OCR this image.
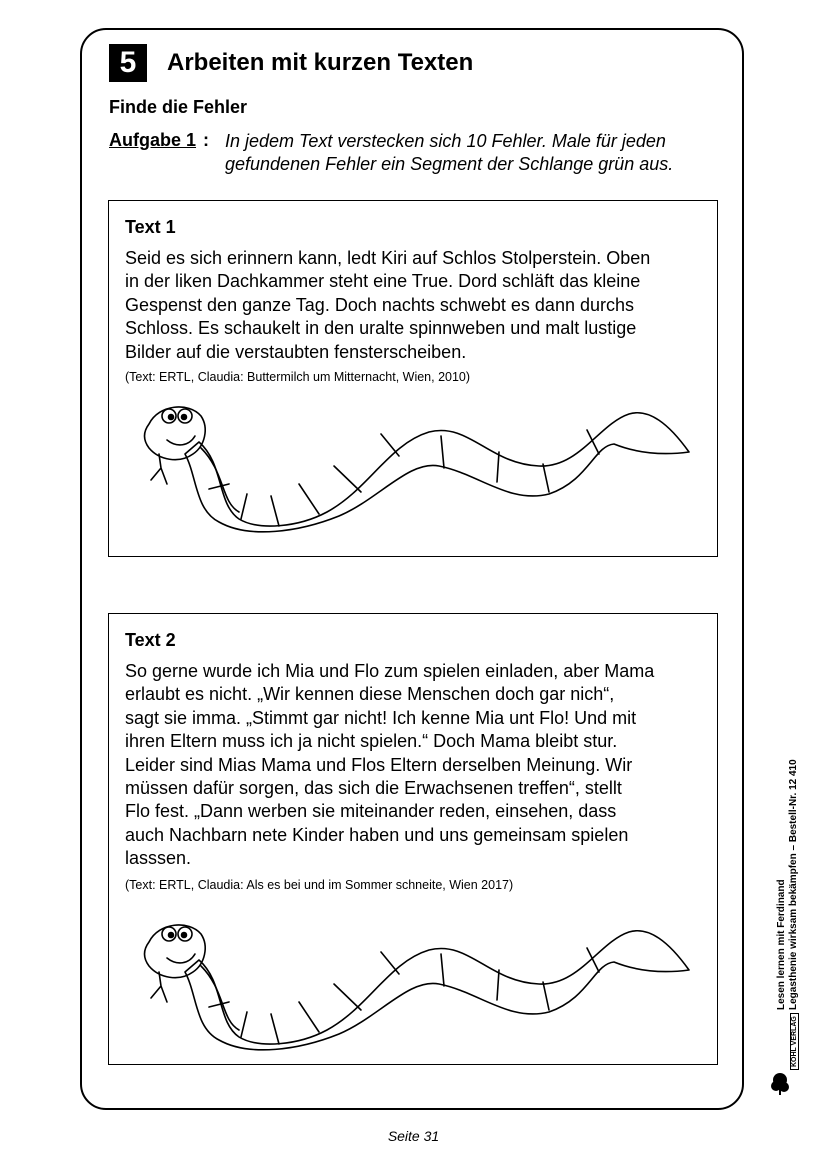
5	Arbeiten mit kurzen Texten
Finde die Fehler
Aufgabe 1 : In jedem Text verstecken sich 10 Fehler. Male für jeden
gefundenen Fehler ein Segment der Schlange grün aus.
Text 1
Seid es sich erinnern kann, ledt Kiri auf Schlos Stolperstein. Oben
in der liken Dachkammer steht eine True. Dord schläft das kleine
Gespenst den ganze Tag. Doch nachts schwebt es dann durchs
Schloss. Es schaukelt in den uralte spinnweben und malt lustige
Bilder auf die verstaubten fensterscheiben.
(Text: ERTL, Claudia: Buttermilch um Mitternacht, Wien, 2010)
Text 2
So gerne wurde ich Mia und Flo zum spielen einladen, aber Mama
erlaubt es nicht. „Wir kennen diese Menschen doch gar nich“,
sagt sie imma. „Stimmt gar nicht! Ich kenne Mia unt Flo! Und mit
ihren Eltern muss ich ja nicht spielen.“ Doch Mama bleibt stur.
Leider sind Mias Mama und Flos Eltern derselben Meinung. Wir
müssen dafür sorgen, das sich die Erwachsenen treffen“, stellt
Flo fest. „Dann werben sie miteinander reden, einsehen, dass
auch Nachbarn nete Kinder haben und uns gemeinsam spielen
lasssen.
(Text: ERTL, Claudia: Als es bei und im Sommer schneite, Wien 2017)	Lesen lernen mit Ferdinand Legasthenie wirksam bekämpfen – Bestell-Nr. 12 410
KOHL VERLAG
Seite 31
